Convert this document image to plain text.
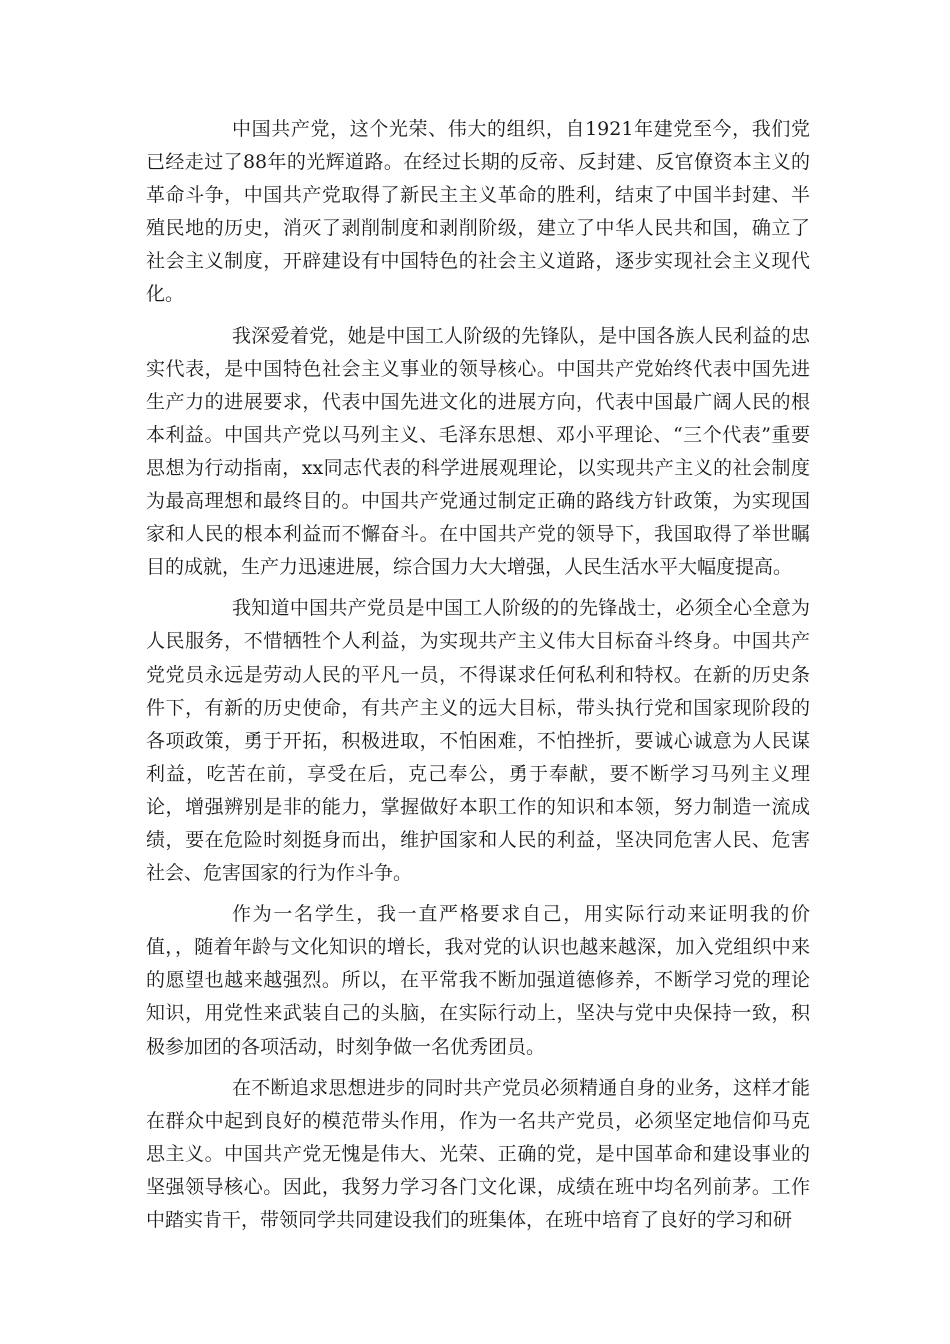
中国共产党，这个光荣、伟大的组织，自1921年建党至今，我们党已经走过了88年的光辉道路。在经过长期的反帝、反封建、反官僚资本主义的革命斗争，中国共产党取得了新民主主义革命的胜利，结束了中国半封建、半殖民地的历史，消灭了剥削制度和剥削阶级，建立了中华人民共和国，确立了社会主义制度，开辟建设有中国特色的社会主义道路，逐步实现社会主义现代化。

我深爱着党，她是中国工人阶级的先锋队，是中国各族人民利益的忠实代表，是中国特色社会主义事业的领导核心。中国共产党始终代表中国先进生产力的进展要求，代表中国先进文化的进展方向，代表中国最广阔人民的根本利益。中国共产党以马列主义、毛泽东思想、邓小平理论、“三个代表”重要思想为行动指南，xx同志代表的科学进展观理论，以实现共产主义的社会制度为最高理想和最终目的。中国共产党通过制定正确的路线方针政策，为实现国家和人民的根本利益而不懈奋斗。在中国共产党的领导下，我国取得了举世瞩目的成就，生产力迅速进展，综合国力大大增强，人民生活水平大幅度提高。

我知道中国共产党员是中国工人阶级的的先锋战士，必须全心全意为人民服务，不惜牺牲个人利益，为实现共产主义伟大目标奋斗终身。中国共产党党员永远是劳动人民的平凡一员，不得谋求任何私利和特权。在新的历史条件下，有新的历史使命，有共产主义的远大目标，带头执行党和国家现阶段的各项政策，勇于开拓，积极进取，不怕困难，不怕挫折，要诚心诚意为人民谋利益，吃苦在前，享受在后，克己奉公，勇于奉献，要不断学习马列主义理论，增强辨别是非的能力，掌握做好本职工作的知识和本领，努力制造一流成绩，要在危险时刻挺身而出，维护国家和人民的利益，坚决同危害人民、危害社会、危害国家的行为作斗争。

作为一名学生，我一直严格要求自己，用实际行动来证明我的价值，，随着年龄与文化知识的增长，我对党的认识也越来越深，加入党组织中来的愿望也越来越强烈。所以，在平常我不断加强道德修养，不断学习党的理论知识，用党性来武装自己的头脑，在实际行动上，坚决与党中央保持一致，积极参加团的各项活动，时刻争做一名优秀团员。

在不断追求思想进步的同时共产党员必须精通自身的业务，这样才能在群众中起到良好的模范带头作用，作为一名共产党员，必须坚定地信仰马克思主义。中国共产党无愧是伟大、光荣、正确的党，是中国革命和建设事业的坚强领导核心。因此，我努力学习各门文化课，成绩在班中均名列前茅。工作中踏实肯干，带领同学共同建设我们的班集体，在班中培育了良好的学习和研
